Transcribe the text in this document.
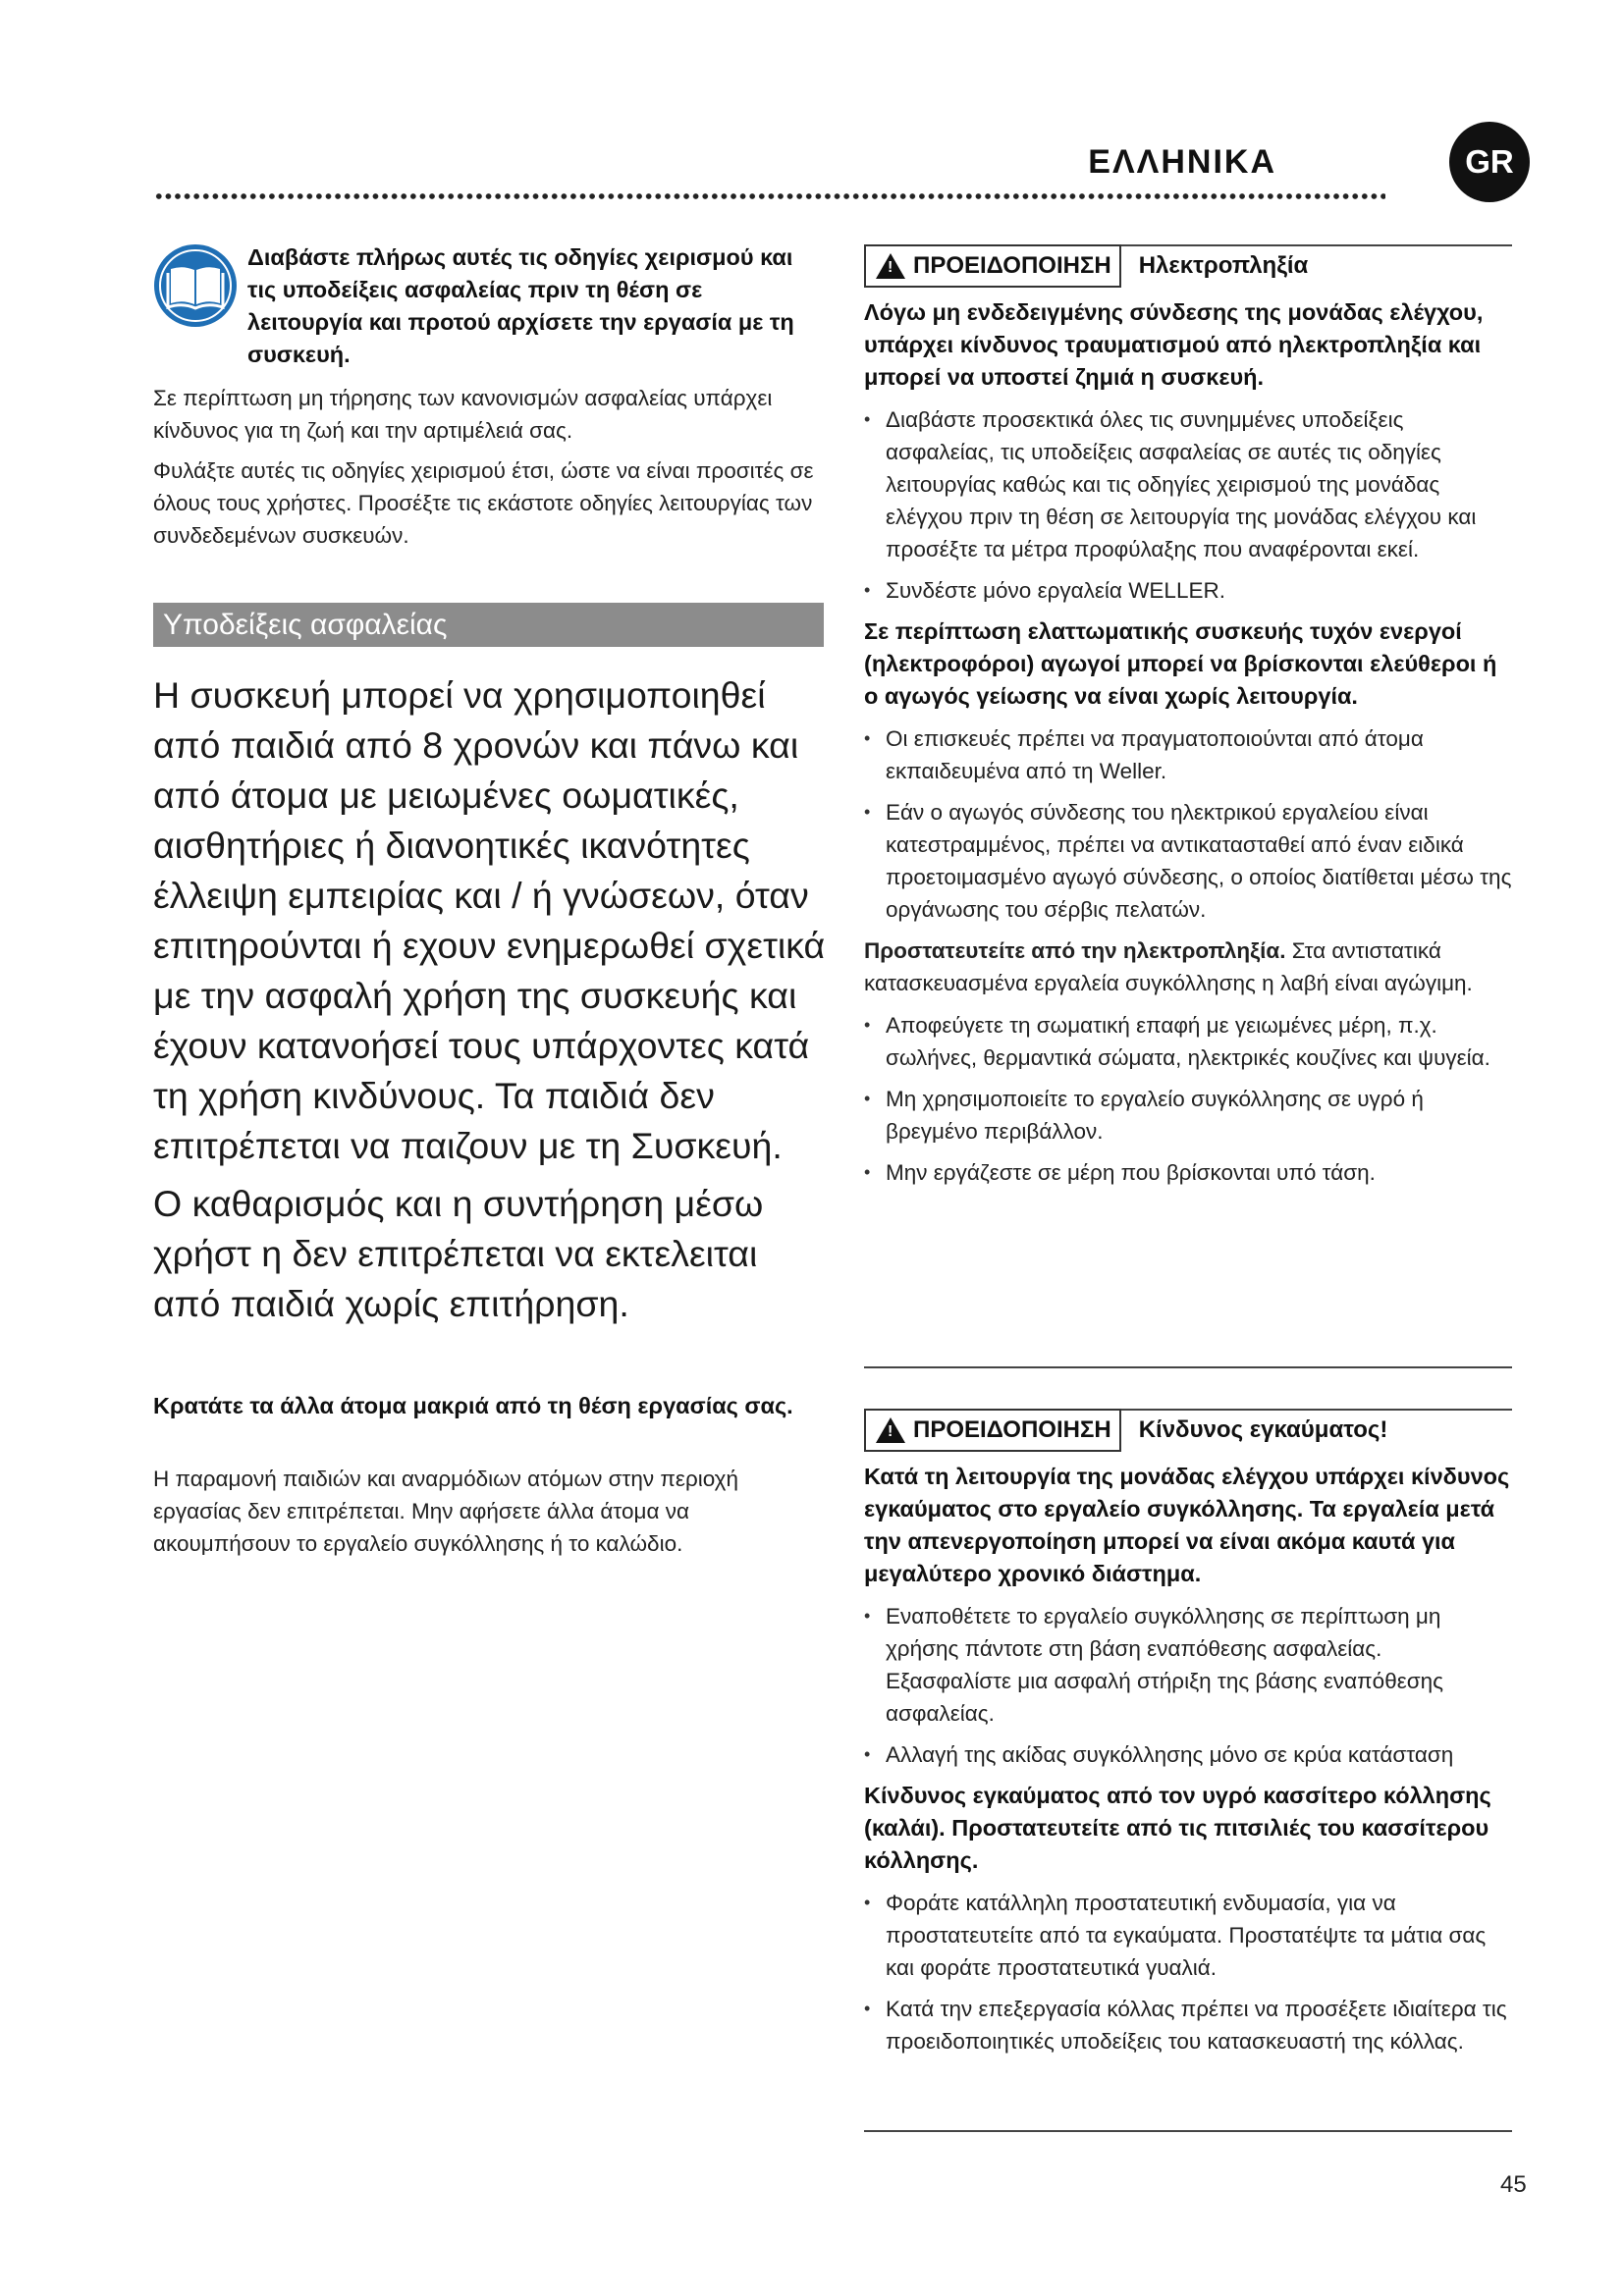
ΕΛΛΗΝΙΚΑ	GR
Διαβάστε πλήρως αυτές τις οδηγίες χειρισμού και τις υποδείξεις ασφαλείας πριν τη θέση σε λειτουργία και προτού αρχίσετε την εργασία με τη συσκευή.
Σε περίπτωση μη τήρησης των κανονισμών ασφαλείας υπάρχει κίνδυνος για τη ζωή και την αρτιμέλειά σας.
Φυλάξτε αυτές τις οδηγίες χειρισμού έτσι, ώστε να είναι προσιτές σε όλους τους χρήστες. Προσέξτε τις εκάστοτε οδηγίες λειτουργίας των συνδεδεμένων συσκευών.
Υποδείξεις ασφαλείας

Η συσκευή μπορεί να χρησιμοποιηθεί από παιδιά από 8 χρονών και πάνω και από άτομα με μειωμένες οωματικές, αισθητήριες ή διανοητικές ικανότητες έλλειψη εμπειρίας και / ή γνώσεων, όταν επιτηρούνται ή εχουν ενημερωθεί σχετικά με την ασφαλή χρήση της συσκευής και έχουν κατανοήσεί τους υπάρχοντες κατά τη χρήση κινδύνους. Τα παιδιά δεν επιτρέπεται να παιζουν με τη Συσκευή.

Ο καθαρισμός και η συντήρηση μέσω χρήστ η δεν επιτρέπεται να εκτελειται από παιδιά χωρίς επιτήρηση.

Κρατάτε τα άλλα άτομα μακριά από τη θέση εργασίας σας.
Η παραμονή παιδιών και αναρμόδιων ατόμων στην περιοχή εργασίας δεν επιτρέπεται. Μην αφήσετε άλλα άτομα να ακουμπήσουν το εργαλείο συγκόλλησης ή το καλώδιο.
!
ΠΡΟΕΙΔΟΠΟΙΗΣΗ	Ηλεκτροπληξία
Λόγω μη ενδεδειγμένης σύνδεσης της μονάδας ελέγχου, υπάρχει κίνδυνος τραυματισμού από ηλεκτροπληξία και μπορεί να υποστεί ζημιά η συσκευή.
• Διαβάστε προσεκτικά όλες τις συνημμένες υποδείξεις ασφαλείας, τις υποδείξεις ασφαλείας σε αυτές τις οδηγίες λειτουργίας καθώς και τις οδηγίες χειρισμού της μονάδας ελέγχου πριν τη θέση σε λειτουργία της μονάδας ελέγχου και προσέξτε τα μέτρα προφύλαξης που αναφέρονται εκεί.
• Συνδέστε μόνο εργαλεία WELLER.
Σε περίπτωση ελαττωματικής συσκευής τυχόν ενεργοί (ηλεκτροφόροι) αγωγοί μπορεί να βρίσκονται ελεύθεροι ή ο αγωγός γείωσης να είναι χωρίς λειτουργία.
• Οι επισκευές πρέπει να πραγματοποιούνται από άτομα εκπαιδευμένα από τη Weller.
• Εάν ο αγωγός σύνδεσης του ηλεκτρικού εργαλείου είναι κατεστραμμένος, πρέπει να αντικατασταθεί από έναν ειδικά προετοιμασμένο αγωγό σύνδεσης, ο οποίος διατίθεται μέσω της οργάνωσης του σέρβις πελατών.
Προστατευτείτε από την ηλεκτροπληξία. Στα αντιστατικά κατασκευασμένα εργαλεία συγκόλλησης η λαβή είναι αγώγιμη.
• Αποφεύγετε τη σωματική επαφή με γειωμένες μέρη, π.χ. σωλήνες, θερμαντικά σώματα, ηλεκτρικές κουζίνες και ψυγεία.
• Μη χρησιμοποιείτε το εργαλείο συγκόλλησης σε υγρό ή βρεγμένο περιβάλλον.
• Μην εργάζεστε σε μέρη που βρίσκονται υπό τάση.
!
ΠΡΟΕΙΔΟΠΟΙΗΣΗ	Κίνδυνος εγκαύματος!
Κατά τη λειτουργία της μονάδας ελέγχου υπάρχει κίνδυνος εγκαύματος στο εργαλείο συγκόλλησης. Τα εργαλεία μετά την απενεργοποίηση μπορεί να είναι ακόμα καυτά για μεγαλύτερο χρονικό διάστημα.
• Εναποθέτετε το εργαλείο συγκόλλησης σε περίπτωση μη χρήσης πάντοτε στη βάση εναπόθεσης ασφαλείας. Εξασφαλίστε μια ασφαλή στήριξη της βάσης εναπόθεσης ασφαλείας.
• Αλλαγή της ακίδας συγκόλλησης μόνο σε κρύα κατάσταση
Κίνδυνος εγκαύματος από τον υγρό κασσίτερο κόλλησης (καλάι). Προστατευτείτε από τις πιτσιλιές του κασσίτερου κόλλησης.
• Φοράτε κατάλληλη προστατευτική ενδυμασία, για να προστατευτείτε από τα εγκαύματα. Προστατέψτε τα μάτια σας και φοράτε προστατευτικά γυαλιά.
• Κατά την επεξεργασία κόλλας πρέπει να προσέξετε ιδιαίτερα τις προειδοποιητικές υποδείξεις του κατασκευαστή της κόλλας.
45
